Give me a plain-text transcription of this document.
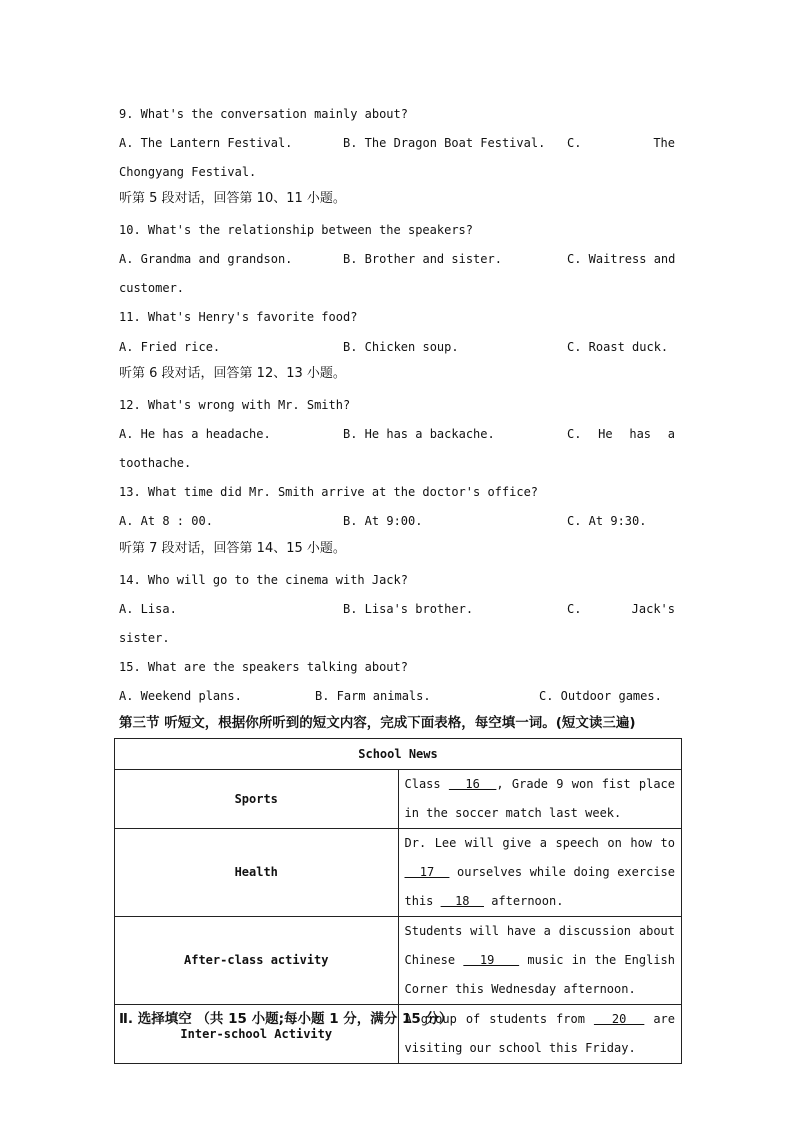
9. What's the conversation mainly about?
A. The Lantern Festival.	B. The Dragon Boat Festival. C.	The
Chongyang Festival.
听第 5 段对话，回答第 10、11 小题。
10. What's the relationship between the speakers?
A. Grandma and grandson.	B. Brother and sister.	C. Waitress and
customer.
11. What's Henry's favorite food?
A. Fried rice.	B. Chicken soup.	C. Roast duck.
听第 6 段对话，回答第 12、13 小题。
12. What's wrong with Mr. Smith?
A. He has a headache.	B. He has a backache.	C. He has a
toothache.
13. What time did Mr. Smith arrive at the doctor's office?
A. At 8 : 00.	B. At 9:00.	C. At 9:30.
听第 7 段对话，回答第 14、15 小题。
14. Who will go to the cinema with Jack?
A. Lisa.	B. Lisa's brother.	C.	Jack's
sister.
15. What are the speakers talking about?
A. Weekend plans.	B. Farm animals.	C. Outdoor games.
第三节 听短文，根据你所听到的短文内容，完成下面表格，每空填一词。(短文读三遍)
School News	
Sports	Class   16  , Grade 9 won fist place in the soccer match last week.
Health	Dr. Lee will give a speech on how to  17   ourselves while doing exercise this   18   afternoon.
After-class activity	Students will have a discussion about Chinese   19    music in the English Corner this Wednesday afternoon.
Inter-school Activity	A group of students from   20   are visiting our school this Friday.
Ⅱ. 选择填空 （共 15 小题;每小题 1 分，满分 15 分）
